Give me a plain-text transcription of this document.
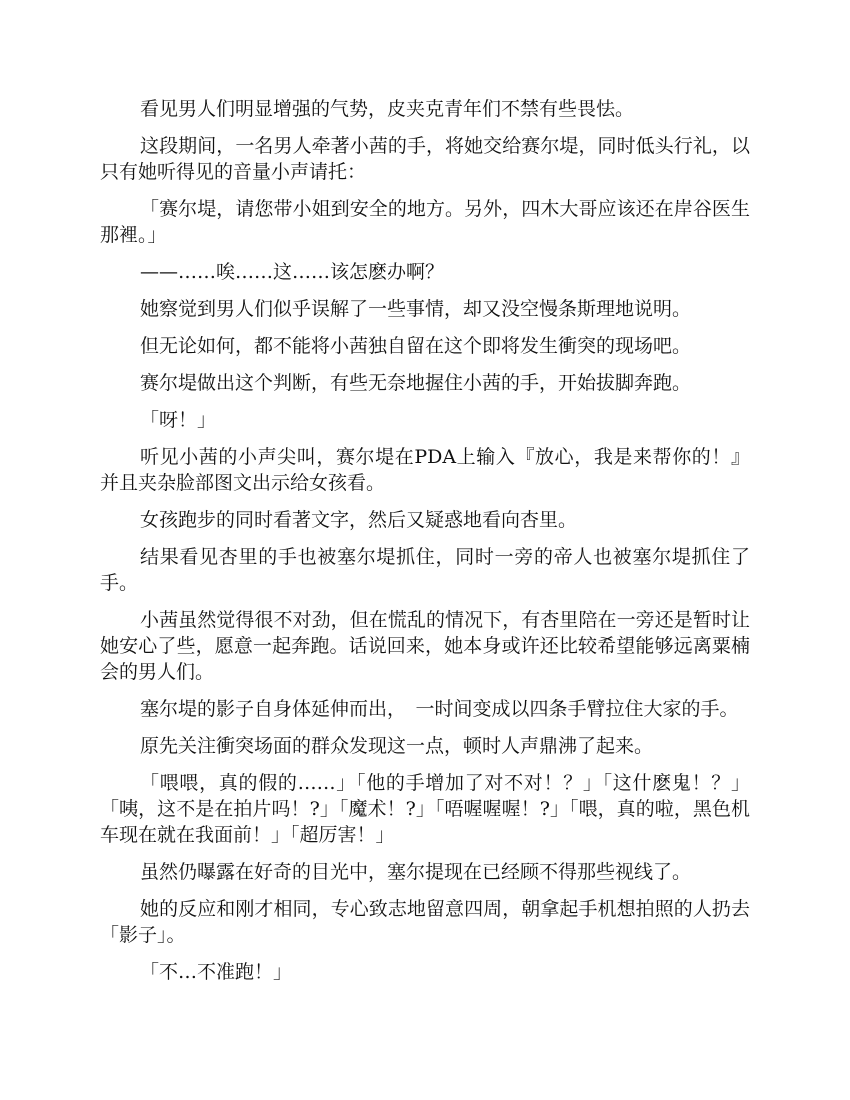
看见男人们明显增强的气势，皮夹克青年们不禁有些畏怯。

这段期间，一名男人牵著小茜的手，将她交给赛尔堤，同时低头行礼，以只有她听得见的音量小声请托：

「赛尔堤，请您带小姐到安全的地方。另外，四木大哥应该还在岸谷医生那裡。」

——……唉……这……该怎麽办啊？

她察觉到男人们似乎误解了一些事情，却又没空慢条斯理地说明。

但无论如何，都不能将小茜独自留在这个即将发生衝突的现场吧。

赛尔堤做出这个判断，有些无奈地握住小茜的手，开始拔脚奔跑。

「呀！」

听见小茜的小声尖叫，赛尔堤在PDA上输入『放心，我是来帮你的！』并且夹杂脸部图文出示给女孩看。

女孩跑步的同时看著文字，然后又疑惑地看向杏里。

结果看见杏里的手也被塞尔堤抓住，同时一旁的帝人也被塞尔堤抓住了手。

小茜虽然觉得很不对劲，但在慌乱的情况下，有杏里陪在一旁还是暂时让她安心了些，愿意一起奔跑。话说回来，她本身或许还比较希望能够远离粟楠会的男人们。

塞尔堤的影子自身体延伸而出，　一时间变成以四条手臂拉住大家的手。

原先关注衝突场面的群众发现这一点，顿时人声鼎沸了起来。

「喂喂，真的假的……」「他的手增加了对不对！？」「这什麽鬼！？」「咦，这不是在拍片吗！?」「魔术！?」「唔喔喔喔！?」「喂，真的啦，黑色机车现在就在我面前！」「超厉害！」

虽然仍曝露在好奇的目光中，塞尔提现在已经顾不得那些视线了。

她的反应和刚才相同，专心致志地留意四周，朝拿起手机想拍照的人扔去「影子」。

「不…不准跑！」
